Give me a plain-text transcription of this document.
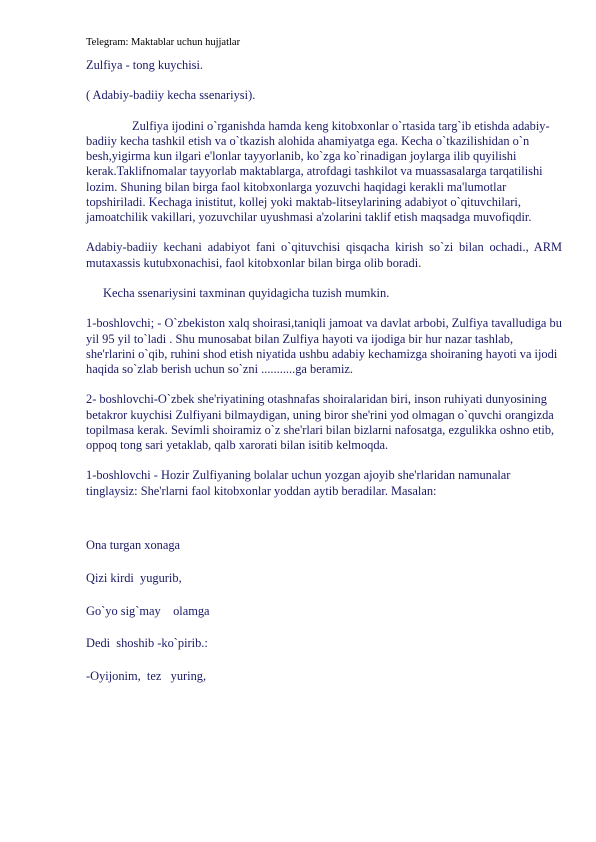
Telegram: Maktablar uchun hujjatlar

Zulfiya - tong kuychisi.

( Adabiy-badiiy kecha ssenariysi).

Zulfiya ijodini o`rganishda hamda keng kitobxonlar o`rtasida targ`ib etishda adabiy-badiiy kecha tashkil etish va o`tkazish alohida ahamiyatga ega. Kecha o`tkazilishidan o`n besh,yigirma kun ilgari e'lonlar tayyorlanib, ko`zga ko`rinadigan joylarga ilib quyilishi kerak.Taklifnomalar tayyorlab maktablarga, atrofdagi tashkilot va muassasalarga tarqatilishi lozim. Shuning bilan birga faol kitobxonlarga yozuvchi haqidagi kerakli ma'lumotlar topshiriladi. Kechaga inistitut, kollej yoki maktab-litseylarining adabiyot o`qituvchilari, jamoatchilik vakillari, yozuvchilar uyushmasi a'zolarini taklif etish maqsadga muvofiqdir.

Adabiy-badiiy kechani adabiyot fani o`qituvchisi qisqacha kirish so`zi bilan ochadi., ARM mutaxassis kutubxonachisi, faol kitobxonlar bilan birga olib boradi.

Kecha ssenariysini taxminan quyidagicha tuzish mumkin.

1-boshlovchi; - O`zbekiston xalq shoirasi,taniqli jamoat va davlat arbobi, Zulfiya tavalludiga bu yil 95 yil to`ladi . Shu munosabat bilan Zulfiya hayoti va ijodiga bir hur nazar tashlab, she'rlarini o`qib, ruhini shod etish niyatida ushbu adabiy kechamizga shoiraning hayoti va ijodi haqida so`zlab berish uchun so`zni ...........ga beramiz.

2- boshlovchi-O`zbek she'riyatining otashnafas shoiralaridan biri, inson ruhiyati dunyosining betakror kuychisi Zulfiyani bilmaydigan, uning biror she'rini yod olmagan o`quvchi orangizda topilmasa kerak. Sevimli shoiramiz o`z she'rlari bilan bizlarni nafosatga, ezgulikka oshno etib, oppoq tong sari yetaklab, qalb xarorati bilan isitib kelmoqda.

1-boshlovchi - Hozir Zulfiyaning bolalar uchun yozgan ajoyib she'rlaridan namunalar tinglaysiz: She'rlarni faol kitobxonlar yoddan aytib beradilar. Masalan:

Ona turgan xonaga

Qizi kirdi  yugurib,

Go`yo sig`may    olamga

Dedi  shoshib -ko`pirib.:

-Oyijonim,  tez   yuring,
